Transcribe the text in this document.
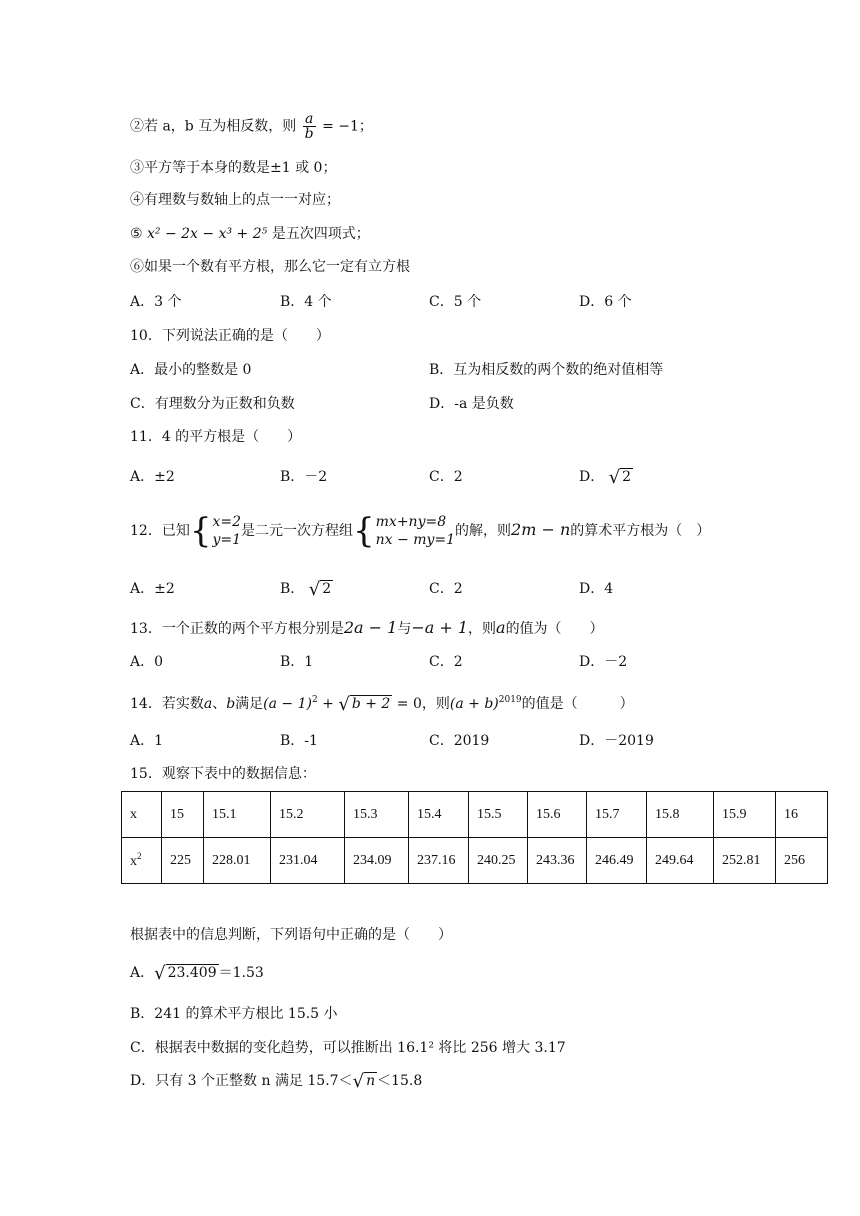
②若 a，b 互为相反数，则 $\frac{a}{b} = -1$；
③平方等于本身的数是±1 或 0；
④有理数与数轴上的点一一对应；
⑤ x² − 2x − x³ + 2⁵ 是五次四项式；
⑥如果一个数有平方根，那么它一定有立方根
A．3 个	B．4 个	C．5 个	D．6 个
10．下列说法正确的是（　　）
A．最小的整数是 0	B．互为相反数的两个数的绝对值相等
C．有理数分为正数和负数	D．-a 是负数
11．4 的平方根是（　　）
A．±2	B．－2	C．2	D． √ 2
12．已知{ x=2
y=1
是二元一次方程组{ mx+ny=8
nx − my=1
的解，则2m − n的算术平方根为（　）
A．±2	B． √ 2	C．2	D．4
13．一个正数的两个平方根分别是2a − 1与−a + 1，则a的值为（　　）
A．0	B．1	C．2	D．－2
14．若实数a、b满足$(a - 1)^2$ + √ b + 2 = 0，则$(a + b)^{2019}$的值是（　　　）
A．1	B．-1	C．2019	D．－2019
15．观察下表中的数据信息：
x	15	15.1	15.2	15.3	15.4	15.5	15.6	15.7	15.8	15.9	16
$x^2$	225	228.01	231.04	234.09	237.16	240.25	243.36	246.49	249.64	252.81	256
根据表中的信息判断，下列语句中正确的是（　　）
A．√ 23.409 ＝1.53
B．241 的算术平方根比 15.5 小
C．根据表中数据的变化趋势，可以推断出 16.1² 将比 256 增大 3.17
D．只有 3 个正整数 n 满足 15.7＜√ n ＜15.8
